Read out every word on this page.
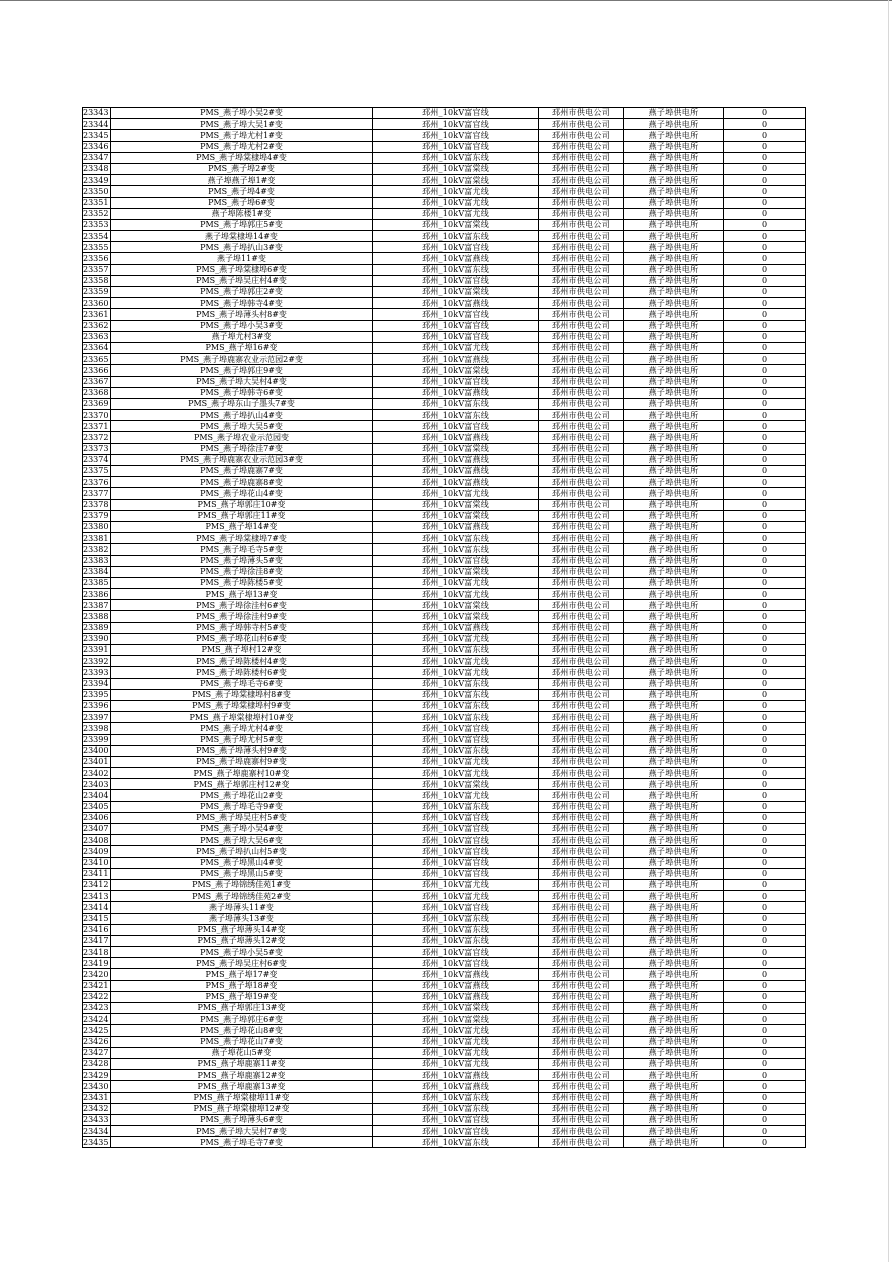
23343	PMS_燕子埠小吴2#变	邳州_10kV富官线	邳州市供电公司	燕子埠供电所	0
23344	PMS_燕子埠大吴1#变	邳州_10kV富官线	邳州市供电公司	燕子埠供电所	0
23345	PMS_燕子埠尤村1#变	邳州_10kV富官线	邳州市供电公司	燕子埠供电所	0
23346	PMS_燕子埠尤村2#变	邳州_10kV富官线	邳州市供电公司	燕子埠供电所	0
23347	PMS_燕子埠棠棣埠4#变	邳州_10kV富东线	邳州市供电公司	燕子埠供电所	0
23348	PMS_燕子埠2#变	邳州_10kV富棠线	邳州市供电公司	燕子埠供电所	0
23349	燕子埠燕子埠1#变	邳州_10kV富棠线	邳州市供电公司	燕子埠供电所	0
23350	PMS_燕子埠4#变	邳州_10kV富尤线	邳州市供电公司	燕子埠供电所	0
23351	PMS_燕子埠6#变	邳州_10kV富尤线	邳州市供电公司	燕子埠供电所	0
23352	燕子埠陈楼1#变	邳州_10kV富尤线	邳州市供电公司	燕子埠供电所	0
23353	PMS_燕子埠郭庄5#变	邳州_10kV富棠线	邳州市供电公司	燕子埠供电所	0
23354	燕子埠棠棣埠14#变	邳州_10kV富东线	邳州市供电公司	燕子埠供电所	0
23355	PMS_燕子埠扒山3#变	邳州_10kV富官线	邳州市供电公司	燕子埠供电所	0
23356	燕子埠11#变	邳州_10kV富燕线	邳州市供电公司	燕子埠供电所	0
23357	PMS_燕子埠棠棣埠6#变	邳州_10kV富东线	邳州市供电公司	燕子埠供电所	0
23358	PMS_燕子埠吴庄村4#变	邳州_10kV富官线	邳州市供电公司	燕子埠供电所	0
23359	PMS_燕子埠郭庄2#变	邳州_10kV富棠线	邳州市供电公司	燕子埠供电所	0
23360	PMS_燕子埠韩寺4#变	邳州_10kV富燕线	邳州市供电公司	燕子埠供电所	0
23361	PMS_燕子埠薄头村8#变	邳州_10kV富官线	邳州市供电公司	燕子埠供电所	0
23362	PMS_燕子埠小吴3#变	邳州_10kV富官线	邳州市供电公司	燕子埠供电所	0
23363	燕子埠尤村3#变	邳州_10kV富官线	邳州市供电公司	燕子埠供电所	0
23364	PMS_燕子埠16#变	邳州_10kV富尤线	邳州市供电公司	燕子埠供电所	0
23365	PMS_燕子埠鹿寨农业示范园2#变	邳州_10kV富燕线	邳州市供电公司	燕子埠供电所	0
23366	PMS_燕子埠郭庄9#变	邳州_10kV富棠线	邳州市供电公司	燕子埠供电所	0
23367	PMS_燕子埠大吴村4#变	邳州_10kV富官线	邳州市供电公司	燕子埠供电所	0
23368	PMS_燕子埠韩寺6#变	邳州_10kV富燕线	邳州市供电公司	燕子埠供电所	0
23369	PMS_燕子埠东山子墨头7#变	邳州_10kV富东线	邳州市供电公司	燕子埠供电所	0
23370	PMS_燕子埠扒山4#变	邳州_10kV富东线	邳州市供电公司	燕子埠供电所	0
23371	PMS_燕子埠大吴5#变	邳州_10kV富官线	邳州市供电公司	燕子埠供电所	0
23372	PMS_燕子埠农业示范园变	邳州_10kV富燕线	邳州市供电公司	燕子埠供电所	0
23373	PMS_燕子埠徐洼7#变	邳州_10kV富棠线	邳州市供电公司	燕子埠供电所	0
23374	PMS_燕子埠鹿寨农业示范园3#变	邳州_10kV富燕线	邳州市供电公司	燕子埠供电所	0
23375	PMS_燕子埠鹿寨7#变	邳州_10kV富燕线	邳州市供电公司	燕子埠供电所	0
23376	PMS_燕子埠鹿寨8#变	邳州_10kV富燕线	邳州市供电公司	燕子埠供电所	0
23377	PMS_燕子埠花山4#变	邳州_10kV富尤线	邳州市供电公司	燕子埠供电所	0
23378	PMS_燕子埠郭庄10#变	邳州_10kV富棠线	邳州市供电公司	燕子埠供电所	0
23379	PMS_燕子埠郭庄11#变	邳州_10kV富棠线	邳州市供电公司	燕子埠供电所	0
23380	PMS_燕子埠14#变	邳州_10kV富燕线	邳州市供电公司	燕子埠供电所	0
23381	PMS_燕子埠棠棣埠7#变	邳州_10kV富东线	邳州市供电公司	燕子埠供电所	0
23382	PMS_燕子埠毛寺5#变	邳州_10kV富东线	邳州市供电公司	燕子埠供电所	0
23383	PMS_燕子埠薄头5#变	邳州_10kV富官线	邳州市供电公司	燕子埠供电所	0
23384	PMS_燕子埠徐洼8#变	邳州_10kV富棠线	邳州市供电公司	燕子埠供电所	0
23385	PMS_燕子埠陈楼5#变	邳州_10kV富尤线	邳州市供电公司	燕子埠供电所	0
23386	PMS_燕子埠13#变	邳州_10kV富尤线	邳州市供电公司	燕子埠供电所	0
23387	PMS_燕子埠徐洼村6#变	邳州_10kV富棠线	邳州市供电公司	燕子埠供电所	0
23388	PMS_燕子埠徐洼村9#变	邳州_10kV富棠线	邳州市供电公司	燕子埠供电所	0
23389	PMS_燕子埠韩寺村5#变	邳州_10kV富燕线	邳州市供电公司	燕子埠供电所	0
23390	PMS_燕子埠花山村6#变	邳州_10kV富尤线	邳州市供电公司	燕子埠供电所	0
23391	PMS_燕子埠村12#变	邳州_10kV富东线	邳州市供电公司	燕子埠供电所	0
23392	PMS_燕子埠陈楼村4#变	邳州_10kV富尤线	邳州市供电公司	燕子埠供电所	0
23393	PMS_燕子埠陈楼村6#变	邳州_10kV富尤线	邳州市供电公司	燕子埠供电所	0
23394	PMS_燕子埠毛寺6#变	邳州_10kV富东线	邳州市供电公司	燕子埠供电所	0
23395	PMS_燕子埠棠棣埠村8#变	邳州_10kV富东线	邳州市供电公司	燕子埠供电所	0
23396	PMS_燕子埠棠棣埠村9#变	邳州_10kV富东线	邳州市供电公司	燕子埠供电所	0
23397	PMS_燕子埠棠棣埠村10#变	邳州_10kV富东线	邳州市供电公司	燕子埠供电所	0
23398	PMS_燕子埠尤村4#变	邳州_10kV富官线	邳州市供电公司	燕子埠供电所	0
23399	PMS_燕子埠尤村5#变	邳州_10kV富官线	邳州市供电公司	燕子埠供电所	0
23400	PMS_燕子埠薄头村9#变	邳州_10kV富东线	邳州市供电公司	燕子埠供电所	0
23401	PMS_燕子埠鹿寨村9#变	邳州_10kV富尤线	邳州市供电公司	燕子埠供电所	0
23402	PMS_燕子埠鹿寨村10#变	邳州_10kV富尤线	邳州市供电公司	燕子埠供电所	0
23403	PMS_燕子埠郭庄村12#变	邳州_10kV富棠线	邳州市供电公司	燕子埠供电所	0
23404	PMS_燕子埠花山2#变	邳州_10kV富尤线	邳州市供电公司	燕子埠供电所	0
23405	PMS_燕子埠毛寺9#变	邳州_10kV富东线	邳州市供电公司	燕子埠供电所	0
23406	PMS_燕子埠吴庄村5#变	邳州_10kV富官线	邳州市供电公司	燕子埠供电所	0
23407	PMS_燕子埠小吴4#变	邳州_10kV富官线	邳州市供电公司	燕子埠供电所	0
23408	PMS_燕子埠大吴6#变	邳州_10kV富官线	邳州市供电公司	燕子埠供电所	0
23409	PMS_燕子埠扒山村5#变	邳州_10kV富官线	邳州市供电公司	燕子埠供电所	0
23410	PMS_燕子埠黑山4#变	邳州_10kV富官线	邳州市供电公司	燕子埠供电所	0
23411	PMS_燕子埠黑山5#变	邳州_10kV富官线	邳州市供电公司	燕子埠供电所	0
23412	PMS_燕子埠锦绣佳苑1#变	邳州_10kV富尤线	邳州市供电公司	燕子埠供电所	0
23413	PMS_燕子埠锦绣佳苑2#变	邳州_10kV富尤线	邳州市供电公司	燕子埠供电所	0
23414	燕子埠薄头11#变	邳州_10kV富官线	邳州市供电公司	燕子埠供电所	0
23415	燕子埠薄头13#变	邳州_10kV富东线	邳州市供电公司	燕子埠供电所	0
23416	PMS_燕子埠薄头14#变	邳州_10kV富东线	邳州市供电公司	燕子埠供电所	0
23417	PMS_燕子埠薄头12#变	邳州_10kV富东线	邳州市供电公司	燕子埠供电所	0
23418	PMS_燕子埠小吴5#变	邳州_10kV富官线	邳州市供电公司	燕子埠供电所	0
23419	PMS_燕子埠吴庄村6#变	邳州_10kV富官线	邳州市供电公司	燕子埠供电所	0
23420	PMS_燕子埠17#变	邳州_10kV富燕线	邳州市供电公司	燕子埠供电所	0
23421	PMS_燕子埠18#变	邳州_10kV富燕线	邳州市供电公司	燕子埠供电所	0
23422	PMS_燕子埠19#变	邳州_10kV富燕线	邳州市供电公司	燕子埠供电所	0
23423	PMS_燕子埠郭庄13#变	邳州_10kV富棠线	邳州市供电公司	燕子埠供电所	0
23424	PMS_燕子埠郭庄6#变	邳州_10kV富棠线	邳州市供电公司	燕子埠供电所	0
23425	PMS_燕子埠花山8#变	邳州_10kV富尤线	邳州市供电公司	燕子埠供电所	0
23426	PMS_燕子埠花山7#变	邳州_10kV富尤线	邳州市供电公司	燕子埠供电所	0
23427	燕子埠花山5#变	邳州_10kV富尤线	邳州市供电公司	燕子埠供电所	0
23428	PMS_燕子埠鹿寨11#变	邳州_10kV富尤线	邳州市供电公司	燕子埠供电所	0
23429	PMS_燕子埠鹿寨12#变	邳州_10kV富燕线	邳州市供电公司	燕子埠供电所	0
23430	PMS_燕子埠鹿寨13#变	邳州_10kV富燕线	邳州市供电公司	燕子埠供电所	0
23431	PMS_燕子埠棠棣埠11#变	邳州_10kV富东线	邳州市供电公司	燕子埠供电所	0
23432	PMS_燕子埠棠棣埠12#变	邳州_10kV富东线	邳州市供电公司	燕子埠供电所	0
23433	PMS_燕子埠薄头6#变	邳州_10kV富官线	邳州市供电公司	燕子埠供电所	0
23434	PMS_燕子埠大吴村7#变	邳州_10kV富官线	邳州市供电公司	燕子埠供电所	0
23435	PMS_燕子埠毛寺7#变	邳州_10kV富东线	邳州市供电公司	燕子埠供电所	0
